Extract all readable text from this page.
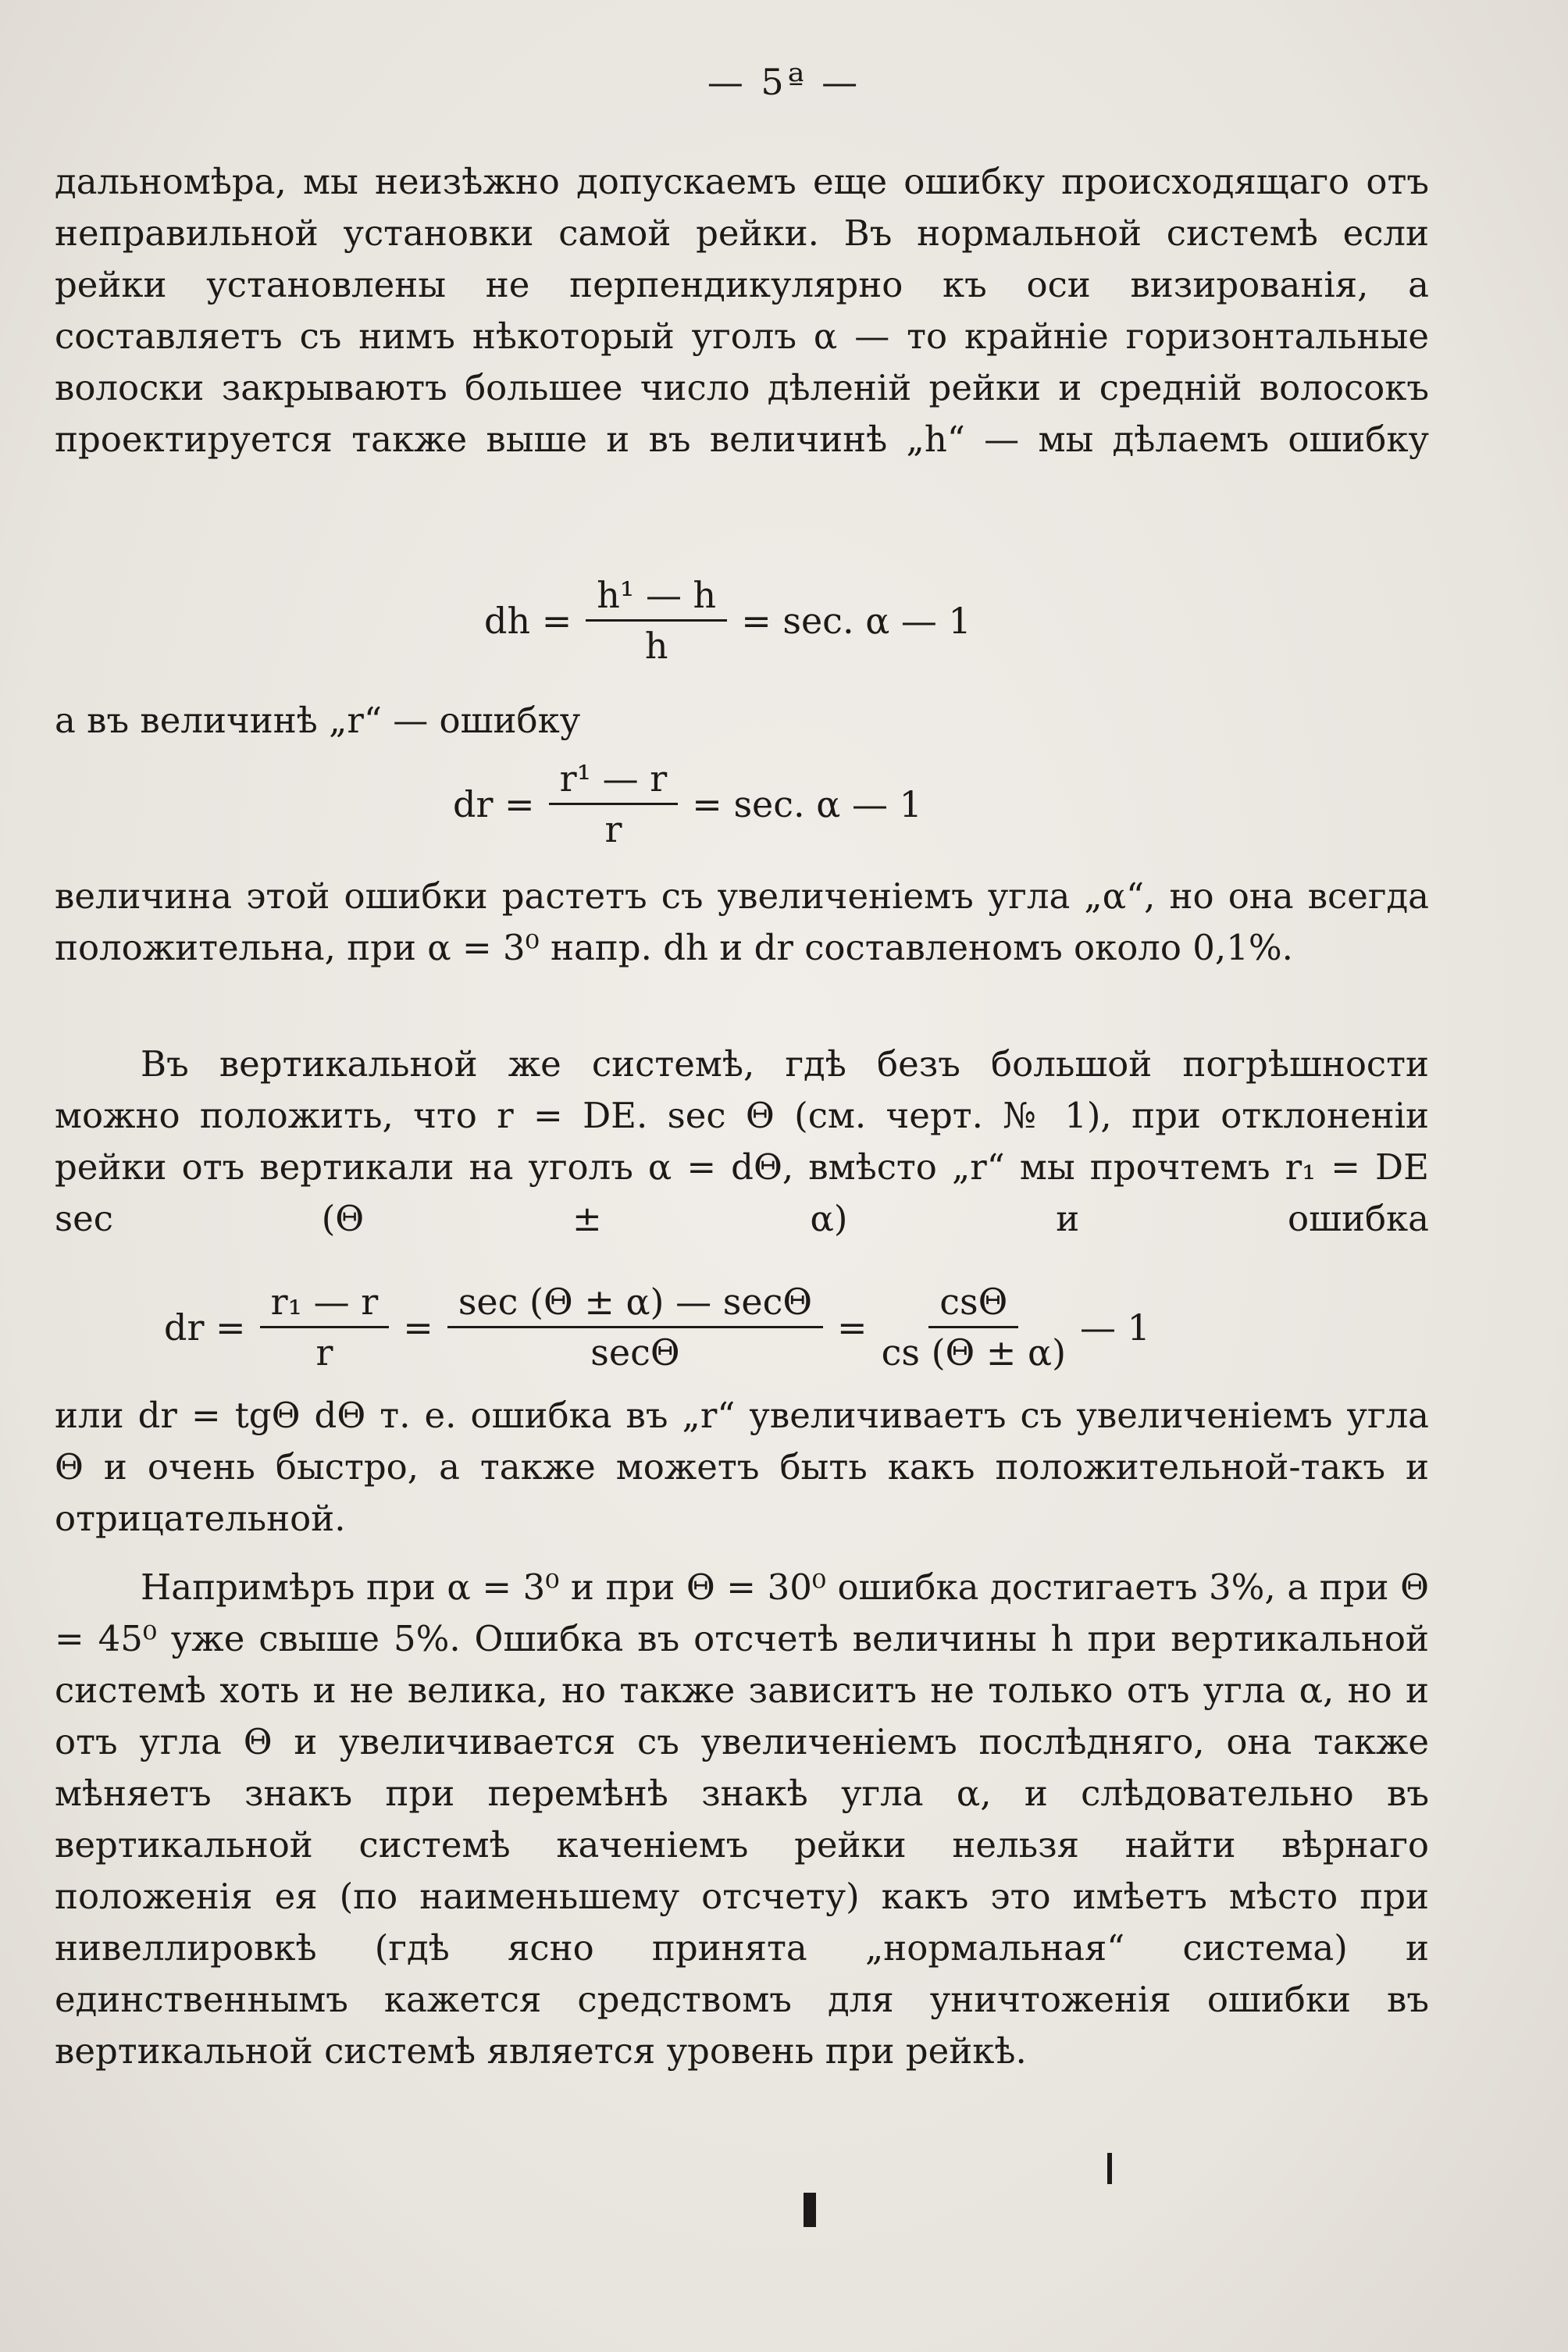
— 5ª —
дальномѣра, мы неизѣжно допускаемъ еще ошибку происходящаго отъ неправильной установки самой рейки. Въ нормальной системѣ если рейки установлены не перпендикулярно къ оси визированія, а составляетъ съ нимъ нѣкоторый уголъ α — то крайніе горизонтальные волоски закрываютъ большее число дѣленій рейки и средній волосокъ проектируется также выше и въ величинѣ „h“ — мы дѣлаемъ ошибку
dh = $\frac{\text{h¹ — h}}{h} = \sec$. α — 1
а въ величинѣ „r“ — ошибку
dr = $\frac{\text{r¹ — r}}{r} = \sec$. α — 1
величина этой ошибки растетъ съ увеличеніемъ угла „α“, но она всегда положительна, при α = 3⁰ напр. dh и dr составленомъ около 0,1%.
Въ вертикальной же системѣ, гдѣ безъ большой погрѣшности можно положить, что r = DE. sec Θ (см. черт. № 1), при отклоненіи рейки отъ вертикали на уголъ α = dΘ, вмѣсто „r“ мы прочтемъ r₁ = DE sec (Θ ± α) и ошибка
dr = $\frac{\text{r₁ — r}}{r} = \frac{\sec (\Theta \pm \alpha) — \sec\Theta}{\sec\Theta} = \frac{\text{csΘ}}{cs (\Theta \pm \alpha)}$ — 1
или dr = tgΘ dΘ т. е. ошибка въ „r“ увеличиваетъ съ увеличеніемъ угла Θ и очень быстро, а также можетъ быть какъ положительной-такъ и отрицательной.
Напримѣръ при α = 3⁰ и при Θ = 30⁰ ошибка достигаетъ 3%, а при Θ = 45⁰ уже свыше 5%. Ошибка въ отсчетѣ величины h при вертикальной системѣ хоть и не велика, но также зависитъ не только отъ угла α, но и отъ угла Θ и увеличивается съ увеличеніемъ послѣдняго, она также мѣняетъ знакъ при перемѣнѣ знакѣ угла α, и слѣдовательно въ вертикальной системѣ каченіемъ рейки нельзя найти вѣрнаго положенія ея (по наименьшему отсчету) какъ это имѣетъ мѣсто при нивеллировкѣ (гдѣ ясно принята „нормальная“ система) и единственнымъ кажется средствомъ для уничтоженія ошибки въ вертикальной системѣ является уровень при рейкѣ.
